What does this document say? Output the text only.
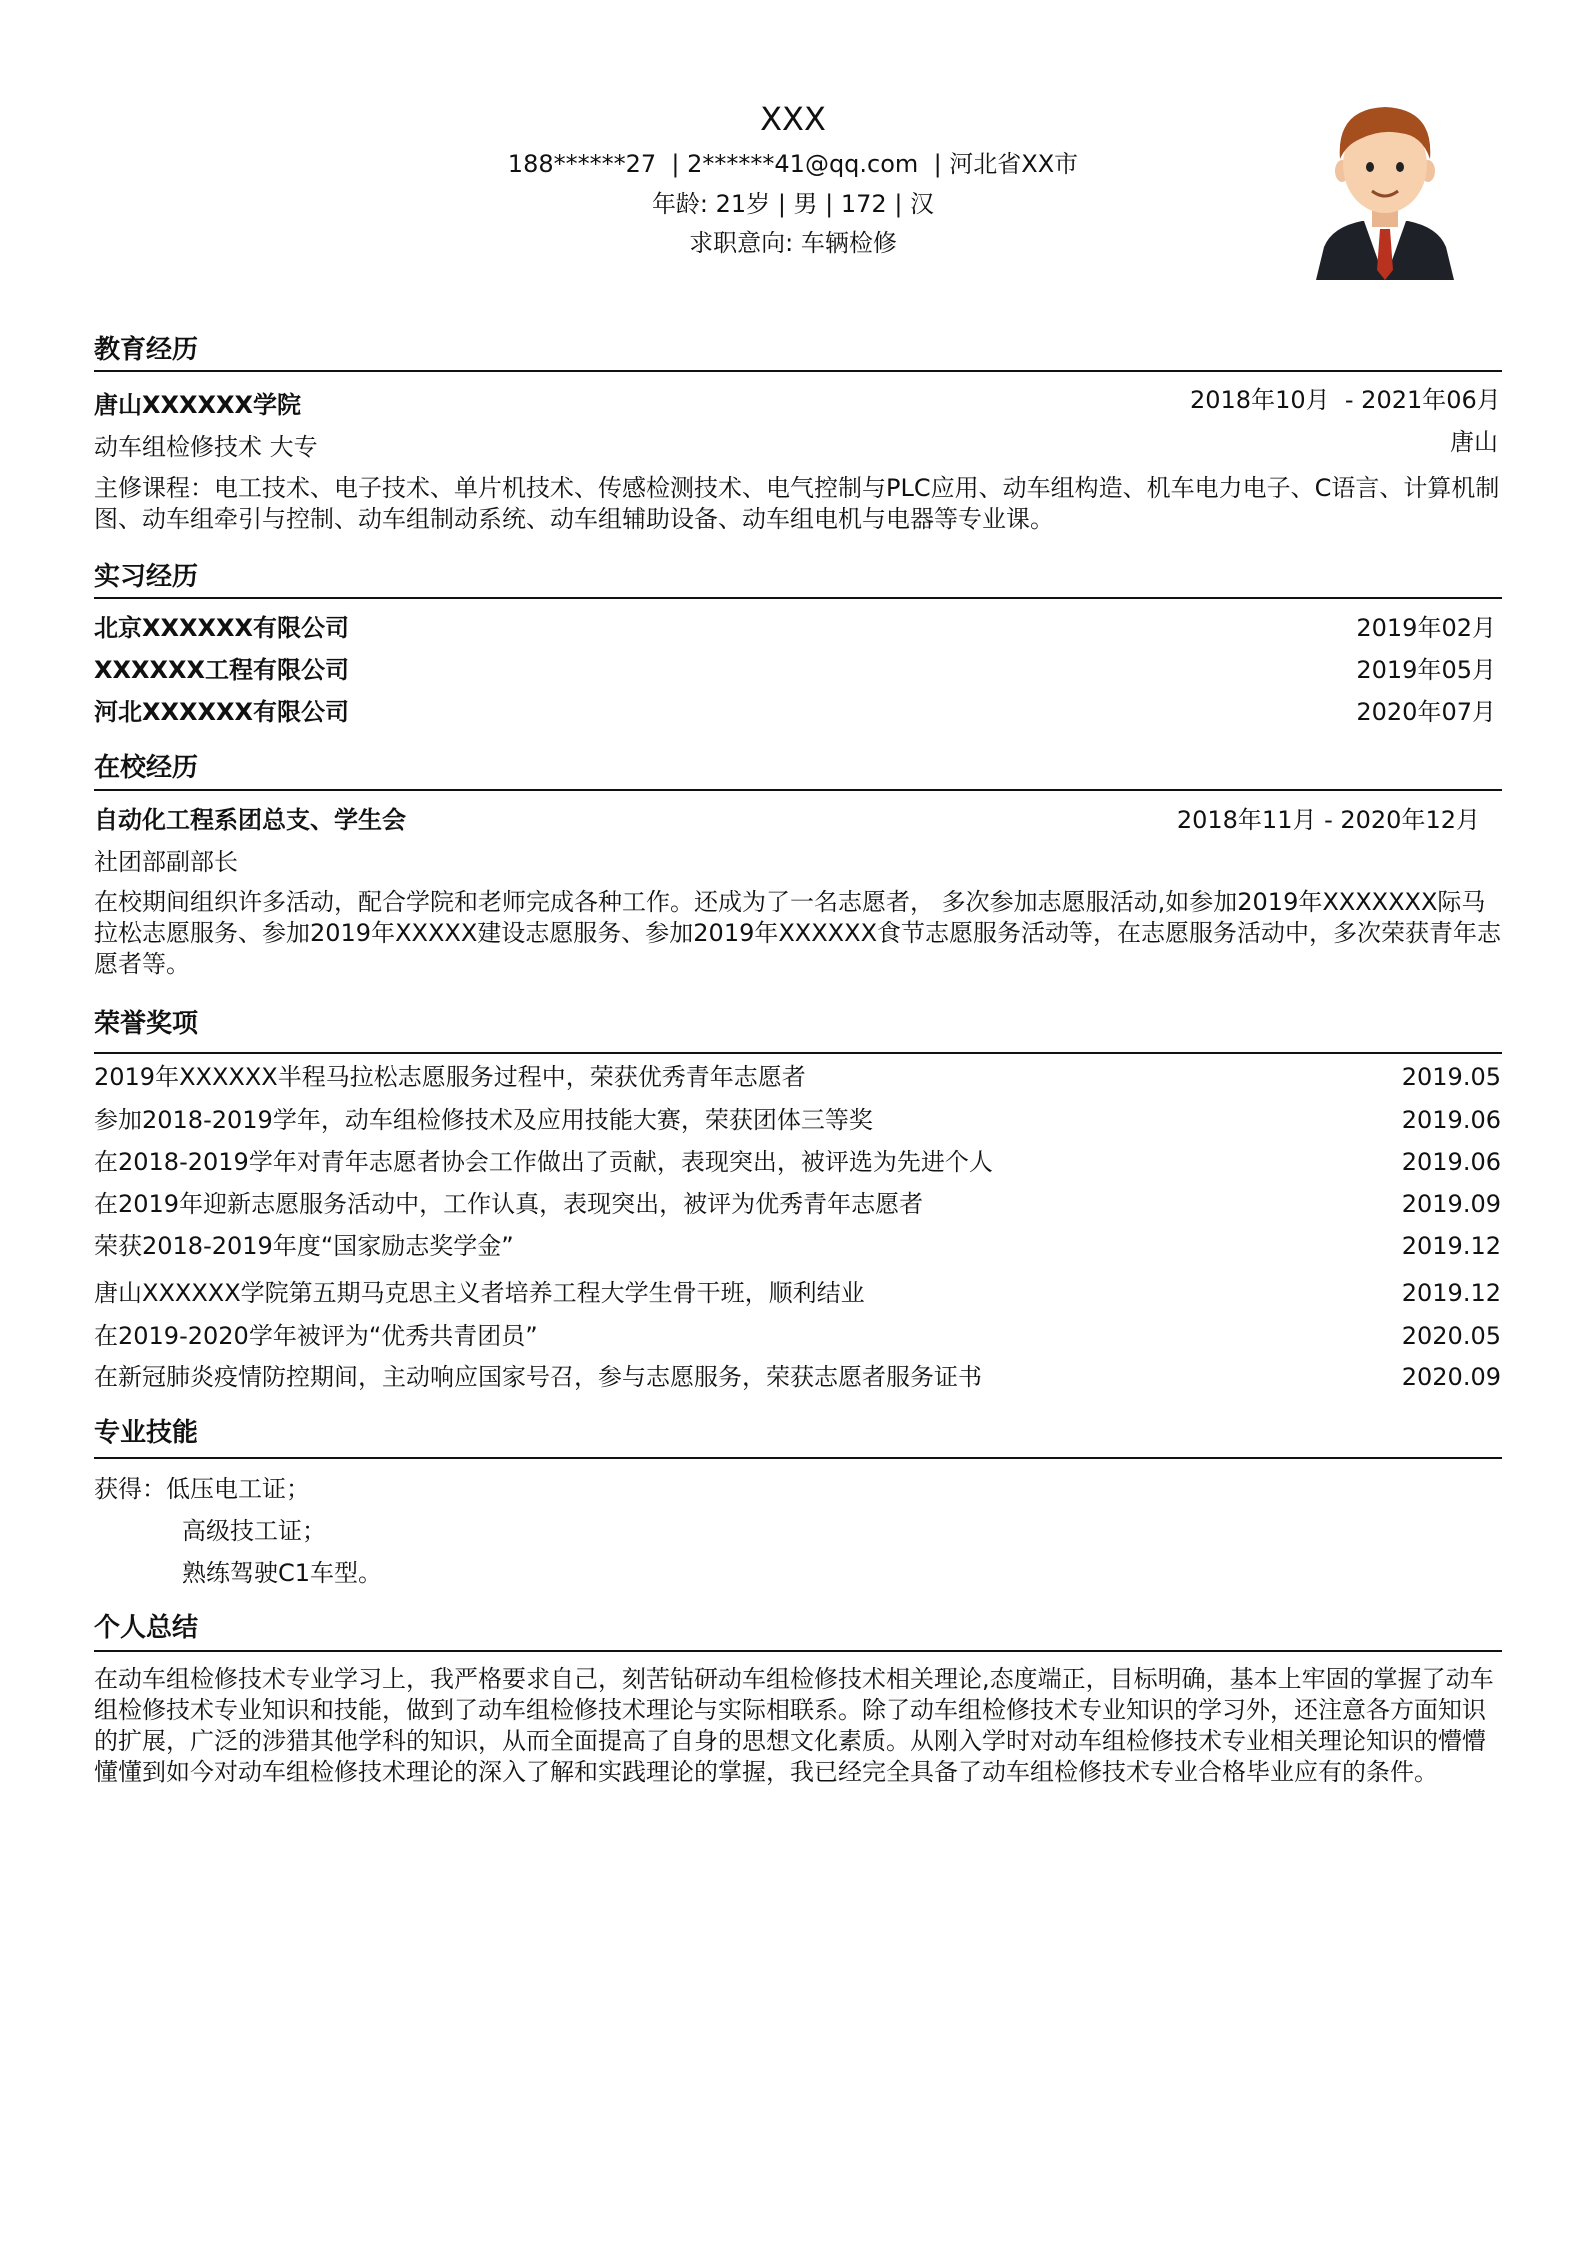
XXX
188******27  | 2******41@qq.com  | 河北省XX市
年龄: 21岁 | 男 | 172 | 汉
求职意向: 车辆检修
教育经历
唐山XXXXXX学院	2018年10月  - 2021年06月
动车组检修技术 大专	唐山
主修课程：电工技术、电子技术、单片机技术、传感检测技术、电气控制与PLC应用、动车组构造、机车电力电子、C语言、计算机制图、动车组牵引与控制、动车组制动系统、动车组辅助设备、动车组电机与电器等专业课。
实习经历
北京XXXXXX有限公司	2019年02月
XXXXXX工程有限公司	2019年05月
河北XXXXXX有限公司	2020年07月
在校经历
自动化工程系团总支、学生会	2018年11月 - 2020年12月
社团部副部长
在校期间组织许多活动，配合学院和老师完成各种工作。还成为了一名志愿者， 多次参加志愿服活动,如参加2019年XXXXXXX际马拉松志愿服务、参加2019年XXXXX建设志愿服务、参加2019年XXXXXX食节志愿服务活动等，在志愿服务活动中，多次荣获青年志愿者等。
荣誉奖项
2019年XXXXXX半程马拉松志愿服务过程中，荣获优秀青年志愿者	2019.05
参加2018-2019学年，动车组检修技术及应用技能大赛，荣获团体三等奖	2019.06
在2018-2019学年对青年志愿者协会工作做出了贡献，表现突出，被评选为先进个人	2019.06
在2019年迎新志愿服务活动中，工作认真，表现突出，被评为优秀青年志愿者	2019.09
荣获2018-2019年度“国家励志奖学金”	2019.12
唐山XXXXXX学院第五期马克思主义者培养工程大学生骨干班，顺利结业	2019.12
在2019-2020学年被评为“优秀共青团员”	2020.05
在新冠肺炎疫情防控期间，主动响应国家号召，参与志愿服务，荣获志愿者服务证书	2020.09
专业技能
获得：低压电工证；
高级技工证；
熟练驾驶C1车型。
个人总结
在动车组检修技术专业学习上，我严格要求自己，刻苦钻研动车组检修技术相关理论,态度端正，目标明确，基本上牢固的掌握了动车组检修技术专业知识和技能，做到了动车组检修技术理论与实际相联系。除了动车组检修技术专业知识的学习外，还注意各方面知识的扩展，广泛的涉猎其他学科的知识，从而全面提高了自身的思想文化素质。从刚入学时对动车组检修技术专业相关理论知识的懵懵懂懂到如今对动车组检修技术理论的深入了解和实践理论的掌握，我已经完全具备了动车组检修技术专业合格毕业应有的条件。
